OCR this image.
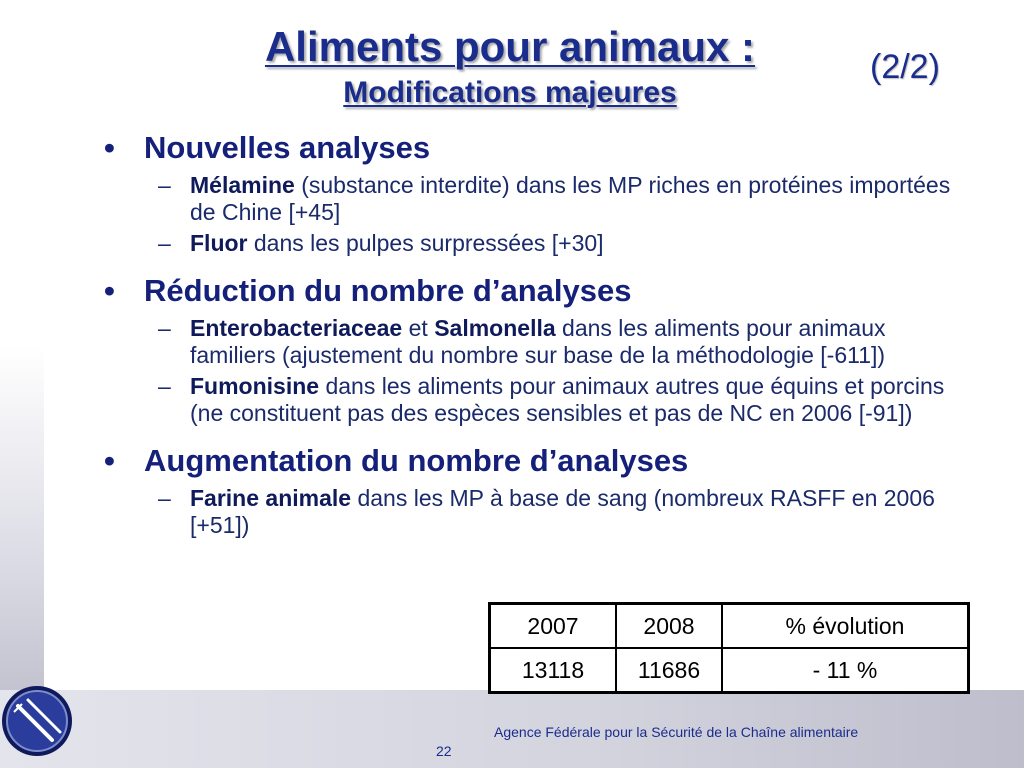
Aliments pour animaux :
Modifications majeures
(2/2)
• Nouvelles analyses
– Mélamine (substance interdite) dans les MP riches en protéines importées de Chine [+45]
– Fluor dans les pulpes surpressées [+30]
• Réduction du nombre d’analyses
– Enterobacteriaceae et Salmonella dans les aliments pour animaux familiers (ajustement du nombre sur base de la méthodologie [-611])
– Fumonisine dans les aliments pour animaux autres que équins et porcins (ne constituent pas des espèces sensibles et pas de NC en 2006 [-91])
• Augmentation du nombre d’analyses
– Farine animale dans les MP à base de sang (nombreux RASFF en 2006 [+51])
2007	2008	% évolution
13118	11686	- 11 %
Agence Fédérale pour la Sécurité de la Chaîne alimentaire
22
